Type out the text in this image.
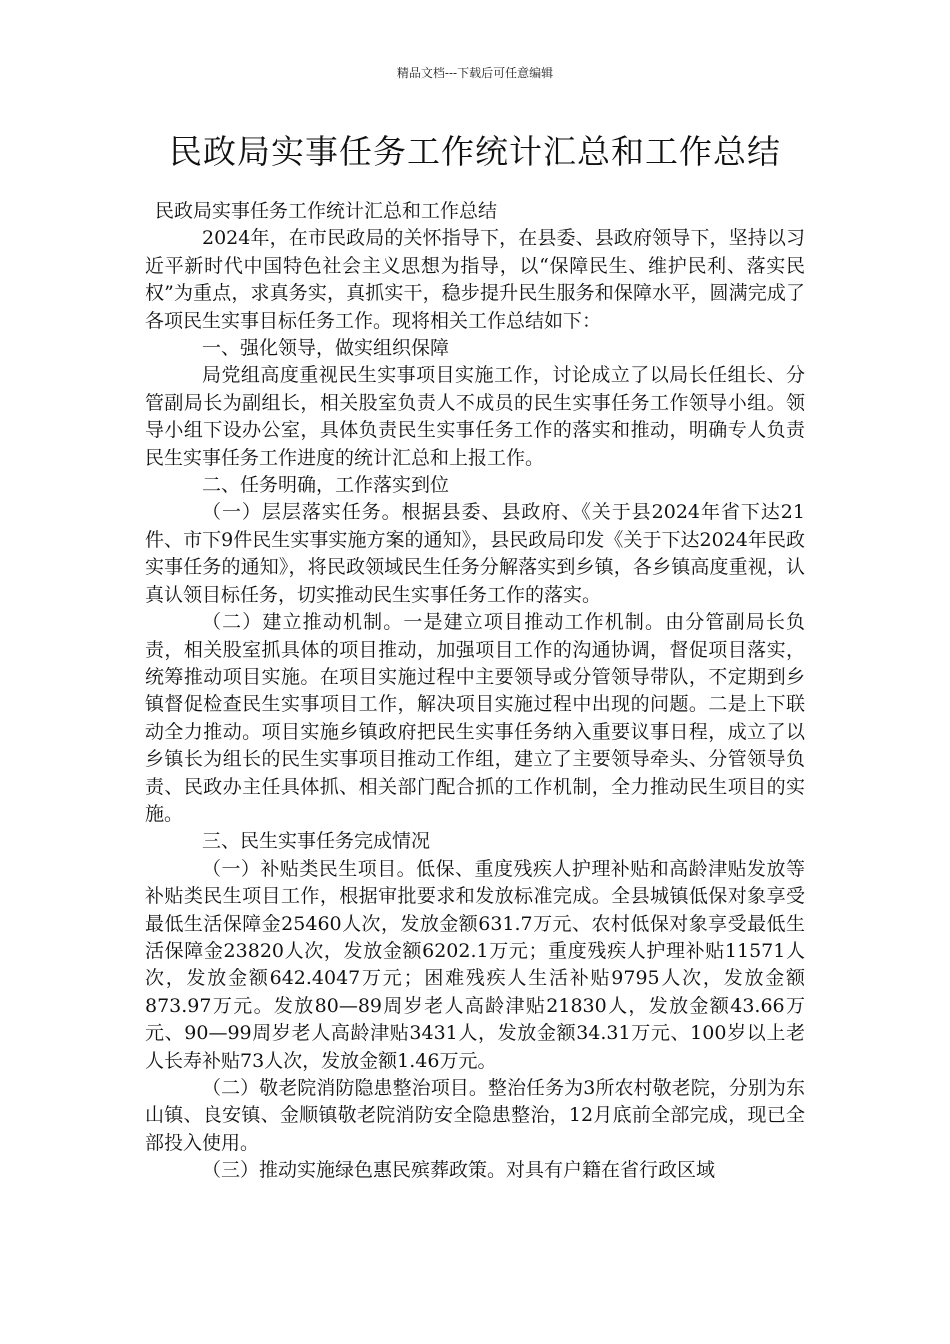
精品文档---下载后可任意编辑
民政局实事任务工作统计汇总和工作总结

民政局实事任务工作统计汇总和工作总结

2024年，在市民政局的关怀指导下，在县委、县政府领导下，坚持以习近平新时代中国特色社会主义思想为指导，以“保障民生、维护民利、落实民权”为重点，求真务实，真抓实干，稳步提升民生服务和保障水平，圆满完成了各项民生实事目标任务工作。现将相关工作总结如下：

一、强化领导，做实组织保障

局党组高度重视民生实事项目实施工作，讨论成立了以局长任组长、分管副局长为副组长，相关股室负责人不成员的民生实事任务工作领导小组。领导小组下设办公室，具体负责民生实事任务工作的落实和推动，明确专人负责民生实事任务工作进度的统计汇总和上报工作。

二、任务明确，工作落实到位

（一）层层落实任务。根据县委、县政府、《关于县2024年省下达21件、市下9件民生实事实施方案的通知》，县民政局印发《关于下达2024年民政实事任务的通知》，将民政领域民生任务分解落实到乡镇，各乡镇高度重视，认真认领目标任务，切实推动民生实事任务工作的落实。

（二）建立推动机制。一是建立项目推动工作机制。由分管副局长负责，相关股室抓具体的项目推动，加强项目工作的沟通协调，督促项目落实，统筹推动项目实施。在项目实施过程中主要领导或分管领导带队，不定期到乡镇督促检查民生实事项目工作，解决项目实施过程中出现的问题。二是上下联动全力推动。项目实施乡镇政府把民生实事任务纳入重要议事日程，成立了以乡镇长为组长的民生实事项目推动工作组，建立了主要领导牵头、分管领导负责、民政办主任具体抓、相关部门配合抓的工作机制，全力推动民生项目的实施。

三、民生实事任务完成情况

（一）补贴类民生项目。低保、重度残疾人护理补贴和高龄津贴发放等补贴类民生项目工作，根据审批要求和发放标准完成。全县城镇低保对象享受最低生活保障金25460人次，发放金额631.7万元、农村低保对象享受最低生活保障金23820人次，发放金额6202.1万元；重度残疾人护理补贴11571人次，发放金额642.4047万元；困难残疾人生活补贴9795人次，发放金额873.97万元。发放80—89周岁老人高龄津贴21830人，发放金额43.66万元、90—99周岁老人高龄津贴3431人，发放金额34.31万元、100岁以上老人长寿补贴73人次，发放金额1.46万元。

（二）敬老院消防隐患整治项目。整治任务为3所农村敬老院，分别为东山镇、良安镇、金顺镇敬老院消防安全隐患整治，12月底前全部完成，现已全部投入使用。

（三）推动实施绿色惠民殡葬政策。对具有户籍在省行政区域
